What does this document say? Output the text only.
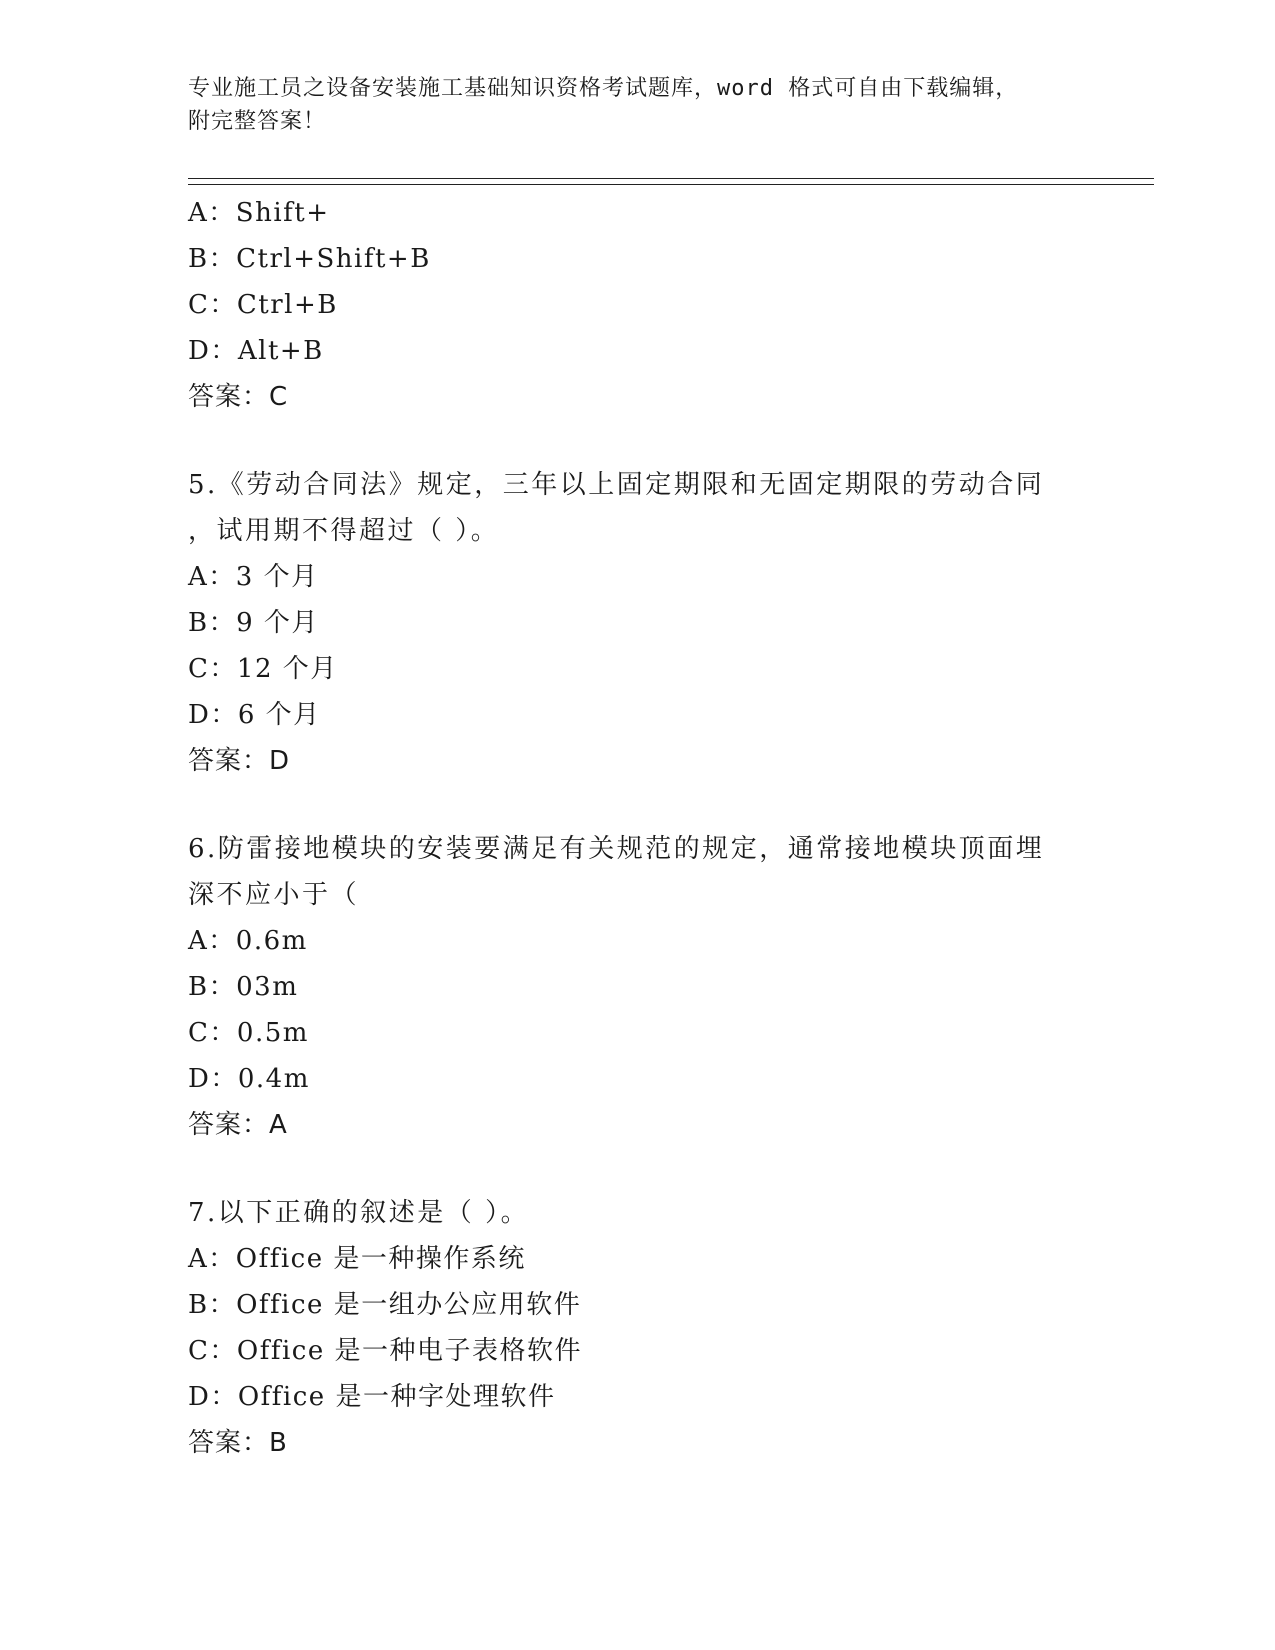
专业施工员之设备安装施工基础知识资格考试题库，word 格式可自由下载编辑，
附完整答案！
A：Shift+
B：Ctrl+Shift+B
C：Ctrl+B
D：Alt+B
答案：C
5.《劳动合同法》规定，三年以上固定期限和无固定期限的劳动合同
，试用期不得超过（ ）。
A：3 个月
B：9 个月
C：12 个月
D：6 个月
答案：D
6.防雷接地模块的安装要满足有关规范的规定，通常接地模块顶面埋
深不应小于（
A：0.6m
B：03m
C：0.5m
D：0.4m
答案：A
7.以下正确的叙述是（ ）。
A：Office 是一种操作系统
B：Office 是一组办公应用软件
C：Office 是一种电子表格软件
D：Office 是一种字处理软件
答案：B
